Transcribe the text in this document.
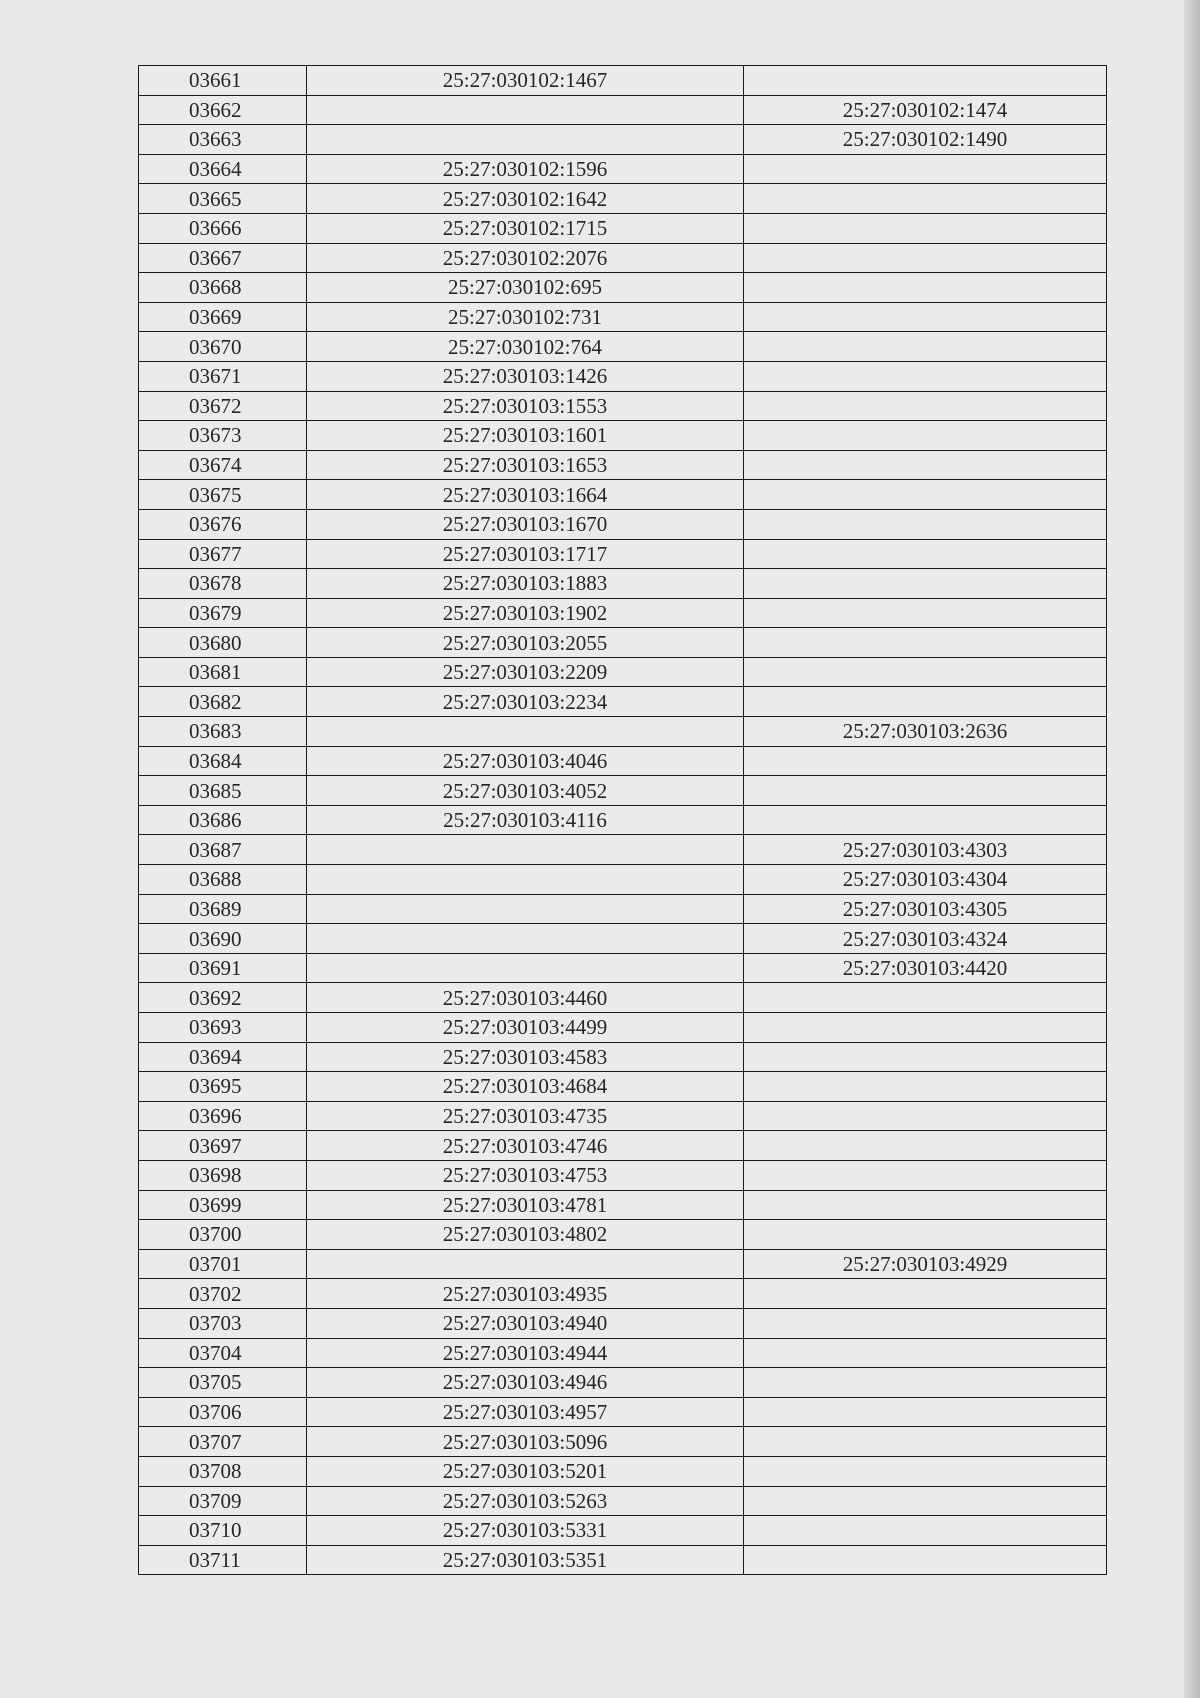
03661	25:27:030102:1467	
03662		25:27:030102:1474
03663		25:27:030102:1490
03664	25:27:030102:1596	
03665	25:27:030102:1642	
03666	25:27:030102:1715	
03667	25:27:030102:2076	
03668	25:27:030102:695	
03669	25:27:030102:731	
03670	25:27:030102:764	
03671	25:27:030103:1426	
03672	25:27:030103:1553	
03673	25:27:030103:1601	
03674	25:27:030103:1653	
03675	25:27:030103:1664	
03676	25:27:030103:1670	
03677	25:27:030103:1717	
03678	25:27:030103:1883	
03679	25:27:030103:1902	
03680	25:27:030103:2055	
03681	25:27:030103:2209	
03682	25:27:030103:2234	
03683		25:27:030103:2636
03684	25:27:030103:4046	
03685	25:27:030103:4052	
03686	25:27:030103:4116	
03687		25:27:030103:4303
03688		25:27:030103:4304
03689		25:27:030103:4305
03690		25:27:030103:4324
03691		25:27:030103:4420
03692	25:27:030103:4460	
03693	25:27:030103:4499	
03694	25:27:030103:4583	
03695	25:27:030103:4684	
03696	25:27:030103:4735	
03697	25:27:030103:4746	
03698	25:27:030103:4753	
03699	25:27:030103:4781	
03700	25:27:030103:4802	
03701		25:27:030103:4929
03702	25:27:030103:4935	
03703	25:27:030103:4940	
03704	25:27:030103:4944	
03705	25:27:030103:4946	
03706	25:27:030103:4957	
03707	25:27:030103:5096	
03708	25:27:030103:5201	
03709	25:27:030103:5263	
03710	25:27:030103:5331	
03711	25:27:030103:5351	
